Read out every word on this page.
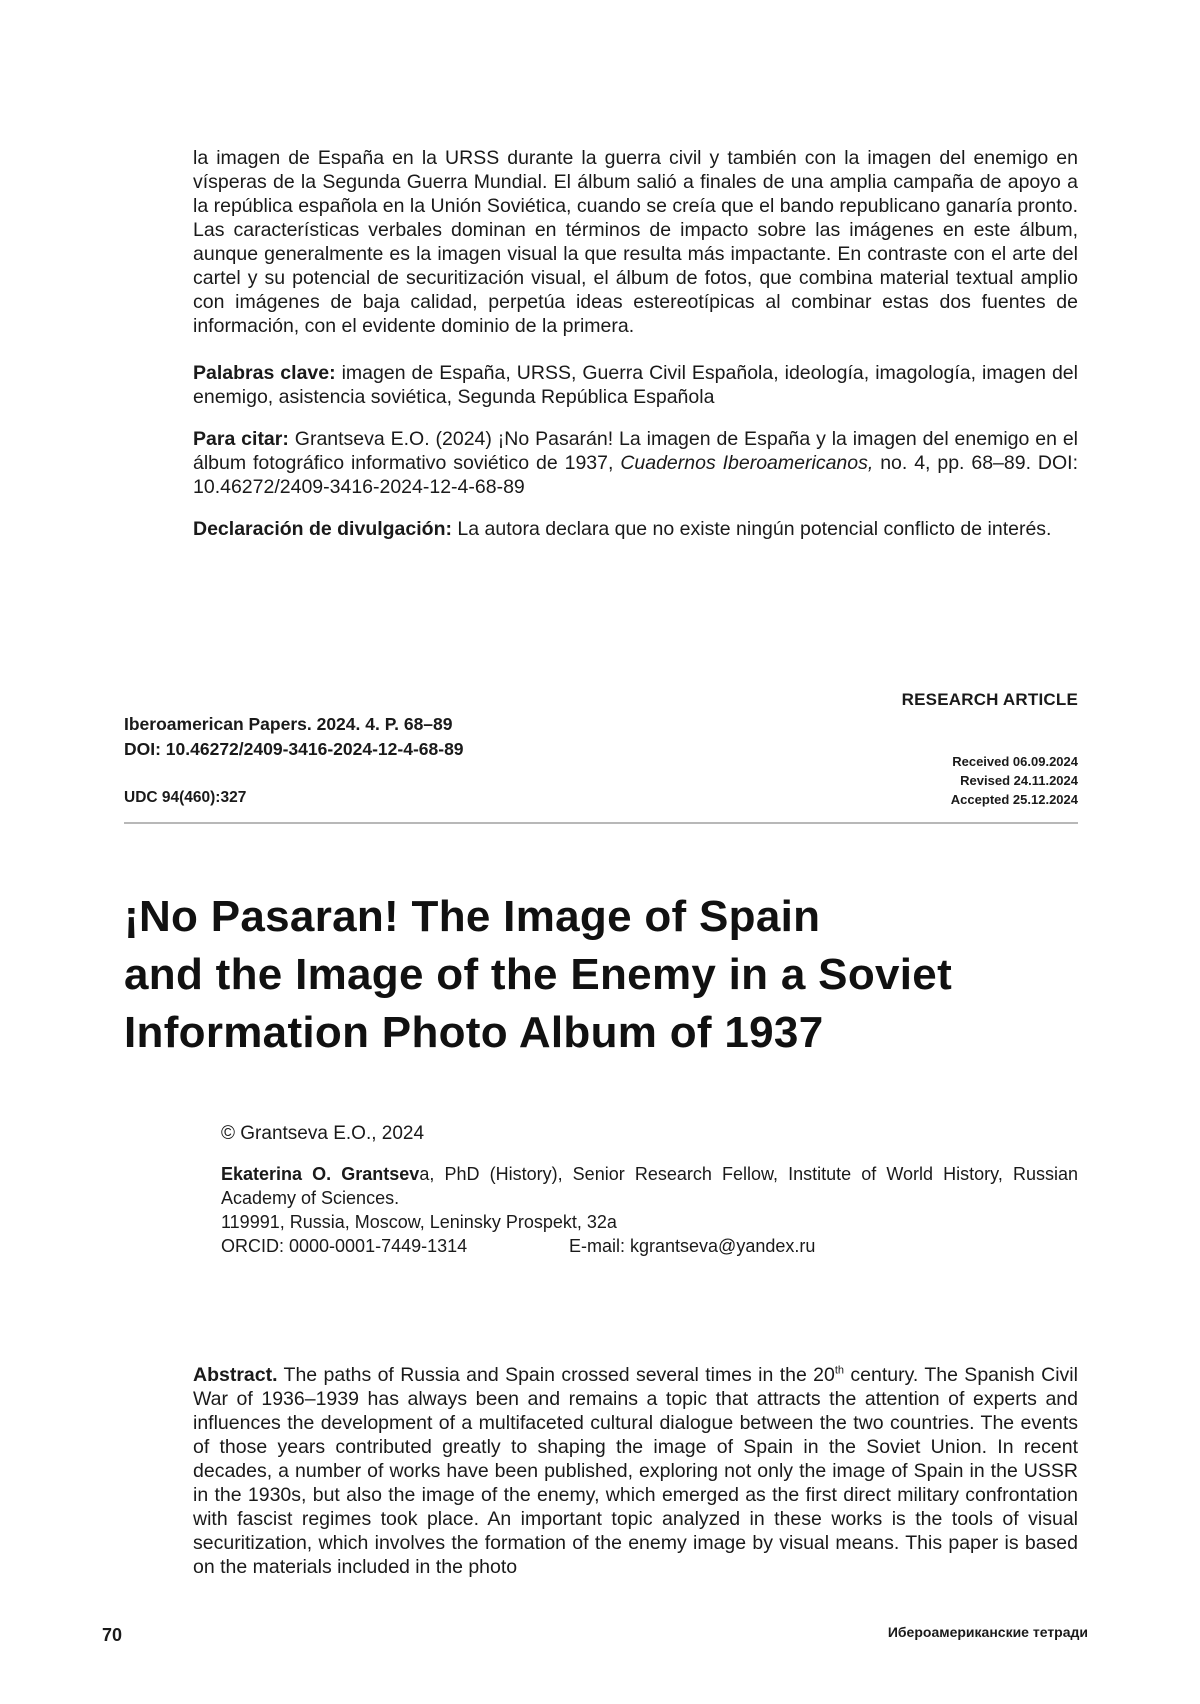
la imagen de España en la URSS durante la guerra civil y también con la imagen del enemigo en vísperas de la Segunda Guerra Mundial. El álbum salió a finales de una amplia campaña de apoyo a la república española en la Unión Soviética, cuando se creía que el bando republicano ganaría pronto. Las características verbales dominan en términos de impacto sobre las imágenes en este álbum, aunque generalmente es la imagen visual la que resulta más impactante. En contraste con el arte del cartel y su potencial de securitización visual, el álbum de fotos, que combina material textual amplio con imágenes de baja calidad, perpetúa ideas estereotípicas al combinar estas dos fuentes de información, con el evidente dominio de la primera.
Palabras clave: imagen de España, URSS, Guerra Civil Española, ideología, imagología, imagen del enemigo, asistencia soviética, Segunda República Española
Para citar: Grantseva E.O. (2024) ¡No Pasarán! La imagen de España y la imagen del enemigo en el álbum fotográfico informativo soviético de 1937, Cuadernos Iberoamericanos, no. 4, pp. 68–89. DOI: 10.46272/2409-3416-2024-12-4-68-89
Declaración de divulgación: La autora declara que no existe ningún potencial conflicto de interés.
RESEARCH ARTICLE
Iberoamerican Papers. 2024. 4. P. 68–89
DOI: 10.46272/2409-3416-2024-12-4-68-89
UDC 94(460):327
Received 06.09.2024
Revised 24.11.2024
Accepted 25.12.2024
¡No Pasaran! The Image of Spain
and the Image of the Enemy in a Soviet
Information Photo Album of 1937
© Grantseva E.O., 2024
Ekaterina O. Grantseva, PhD (History), Senior Research Fellow, Institute of World History, Russian Academy of Sciences.
119991, Russia, Moscow, Leninsky Prospekt, 32a
ORCID: 0000-0001-7449-1314	E-mail: kgrantseva@yandex.ru
Abstract. The paths of Russia and Spain crossed several times in the 20th century. The Spanish Civil War of 1936–1939 has always been and remains a topic that attracts the attention of experts and influences the development of a multifaceted cultural dialogue between the two countries. The events of those years contributed greatly to shaping the image of Spain in the Soviet Union. In recent decades, a number of works have been published, exploring not only the image of Spain in the USSR in the 1930s, but also the image of the enemy, which emerged as the first direct military confrontation with fascist regimes took place. An important topic analyzed in these works is the tools of visual securitization, which involves the formation of the enemy image by visual means. This paper is based on the materials included in the photo
70	Ибероамериканские тетради
